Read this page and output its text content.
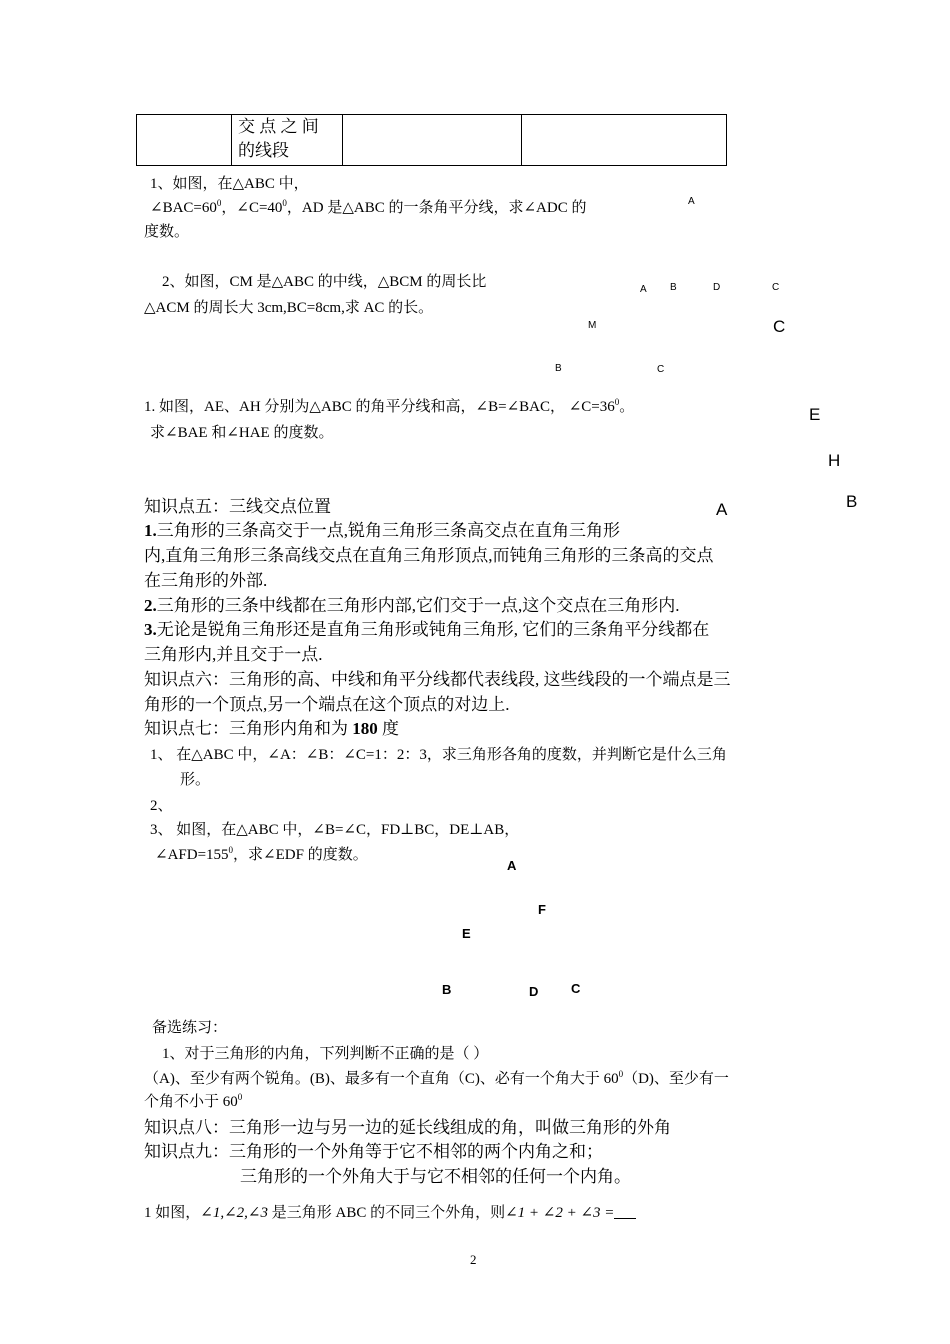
交 点 之 间
的线段

1、如图，在△ABC 中，
$\angle BAC=60^0$，$\angle C=40^0$，AD 是△ABC 的一条角平分线，求∠ADC 的
度数。
A
2、如图，CM 是△ABC 的中线，△BCM 的周长比
△ACM 的周长大 3cm,BC=8cm,求 AC 的长。
A B	D	C
M	C
B	C
1. 如图，AE、AH 分别为△ABC 的角平分线和高，∠B=∠BAC， $\angle C=36^0$。
求∠BAE 和∠HAE 的度数。
E
H
B
A
知识点五：三线交点位置
1.三角形的三条高交于一点,锐角三角形三条高交点在直角三角形
内,直角三角形三条高线交点在直角三角形顶点,而钝角三角形的三条高的交点
在三角形的外部.
2.三角形的三条中线都在三角形内部,它们交于一点,这个交点在三角形内.
3.无论是锐角三角形还是直角三角形或钝角三角形, 它们的三条角平分线都在
三角形内,并且交于一点.
知识点六：三角形的高、中线和角平分线都代表线段, 这些线段的一个端点是三
角形的一个顶点,另一个端点在这个顶点的对边上.
知识点七：三角形内角和为 180 度
1、 在△ABC 中，∠A：∠B：∠C=1：2：3，求三角形各角的度数，并判断它是什么三角
形。
2、
3、 如图，在△ABC 中，∠B=∠C，FD⊥BC，DE⊥AB，
$\angle AFD=155^0$，求∠EDF 的度数。
A
F
E
B	D	C
备选练习：
1、对于三角形的内角，下列判断不正确的是（ ）
（A)、至少有两个锐角。(B)、最多有一个直角（C)、必有一个角大于 $60^0(D)$、至少有一
个角不小于 $60^0$
知识点八：三角形一边与另一边的延长线组成的角，叫做三角形的外角
知识点九：三角形的一个外角等于它不相邻的两个内角之和；
三角形的一个外角大于与它不相邻的任何一个内角。
1 如图，∠1,∠2,∠3 是三角形 ABC 的不同三个外角，则∠1 + ∠2 + ∠3 =
2
